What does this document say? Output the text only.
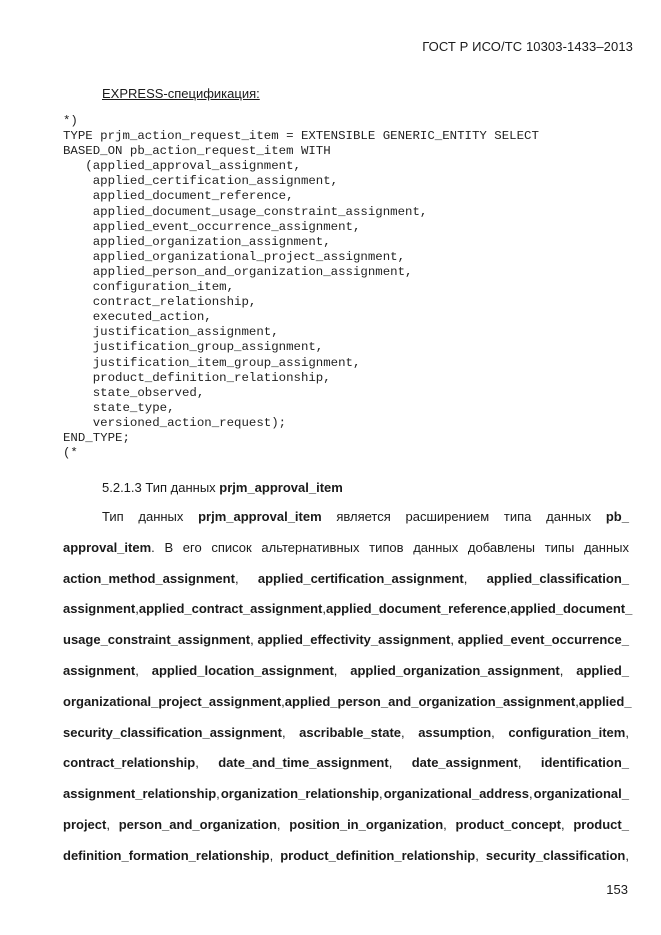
ГОСТ Р ИСО/ТС 10303-1433–2013
EXPRESS-спецификация:
*)
TYPE prjm_action_request_item = EXTENSIBLE GENERIC_ENTITY SELECT
BASED_ON pb_action_request_item WITH
(applied_approval_assignment,
applied_certification_assignment,
applied_document_reference,
applied_document_usage_constraint_assignment,
applied_event_occurrence_assignment,
applied_organization_assignment,
applied_organizational_project_assignment,
applied_person_and_organization_assignment,
configuration_item,
contract_relationship,
executed_action,
justification_assignment,
justification_group_assignment,
justification_item_group_assignment,
product_definition_relationship,
state_observed,
state_type,
versioned_action_request);
END_TYPE;
(*
5.2.1.3 Тип данных prjm_approval_item
Тип данных prjm_approval_item является расширением типа данных pb_
approval_item. В его список альтернативных типов данных добавлены типы данных
action_method_assignment, applied_certification_assignment, applied_classification_
assignment, applied_contract_assignment, applied_document_reference, applied_document_
usage_constraint_assignment, applied_effectivity_assignment, applied_event_occurrence_
assignment, applied_location_assignment, applied_organization_assignment, applied_
organizational_project_assignment, applied_person_and_organization_assignment, applied_
security_classification_assignment, ascribable_state, assumption, configuration_item,
contract_relationship, date_and_time_assignment, date_assignment, identification_
assignment_relationship, organization_relationship, organizational_address, organizational_
project, person_and_organization, position_in_organization, product_concept, product_
definition_formation_relationship, product_definition_relationship, security_classification,
153
